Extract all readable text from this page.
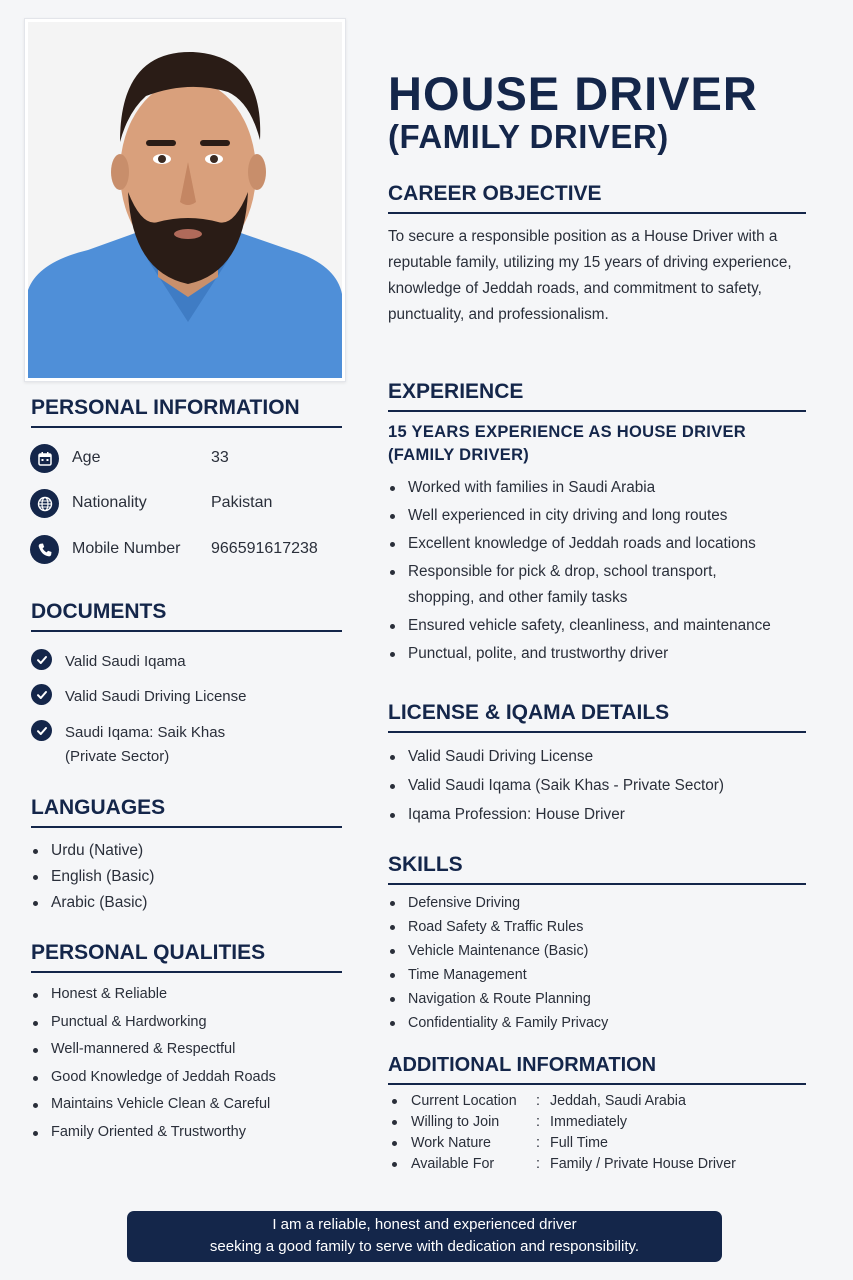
HOUSE DRIVER
(FAMILY DRIVER)
CAREER OBJECTIVE
To secure a responsible position as a House Driver with a reputable family, utilizing my 15 years of driving experience, knowledge of Jeddah roads, and commitment to safety, punctuality, and professionalism.
PERSONAL INFORMATION
Age	33
Nationality	Pakistan
Mobile Number 966591617238
DOCUMENTS
Valid Saudi Iqama
Valid Saudi Driving License
Saudi Iqama: Saik Khas (Private Sector)
LANGUAGES
Urdu (Native)
English (Basic)
Arabic (Basic)
PERSONAL QUALITIES
Honest & Reliable
Punctual & Hardworking
Well-mannered & Respectful
Good Knowledge of Jeddah Roads
Maintains Vehicle Clean & Careful
Family Oriented & Trustworthy
EXPERIENCE
15 YEARS EXPERIENCE AS HOUSE DRIVER
(FAMILY DRIVER)
Worked with families in Saudi Arabia
Well experienced in city driving and long routes
Excellent knowledge of Jeddah roads and locations
Responsible for pick & drop, school transport, shopping, and other family tasks
Ensured vehicle safety, cleanliness, and maintenance
Punctual, polite, and trustworthy driver
LICENSE & IQAMA DETAILS
Valid Saudi Driving License
Valid Saudi Iqama (Saik Khas - Private Sector)
Iqama Profession: House Driver
SKILLS
Defensive Driving
Road Safety & Traffic Rules
Vehicle Maintenance (Basic)
Time Management
Navigation & Route Planning
Confidentiality & Family Privacy
ADDITIONAL INFORMATION
Current Location : Jeddah, Saudi Arabia
Willing to Join	: Immediately
Work Nature	: Full Time
Available For	: Family / Private House Driver
I am a reliable, honest and experienced driver
seeking a good family to serve with dedication and responsibility.
